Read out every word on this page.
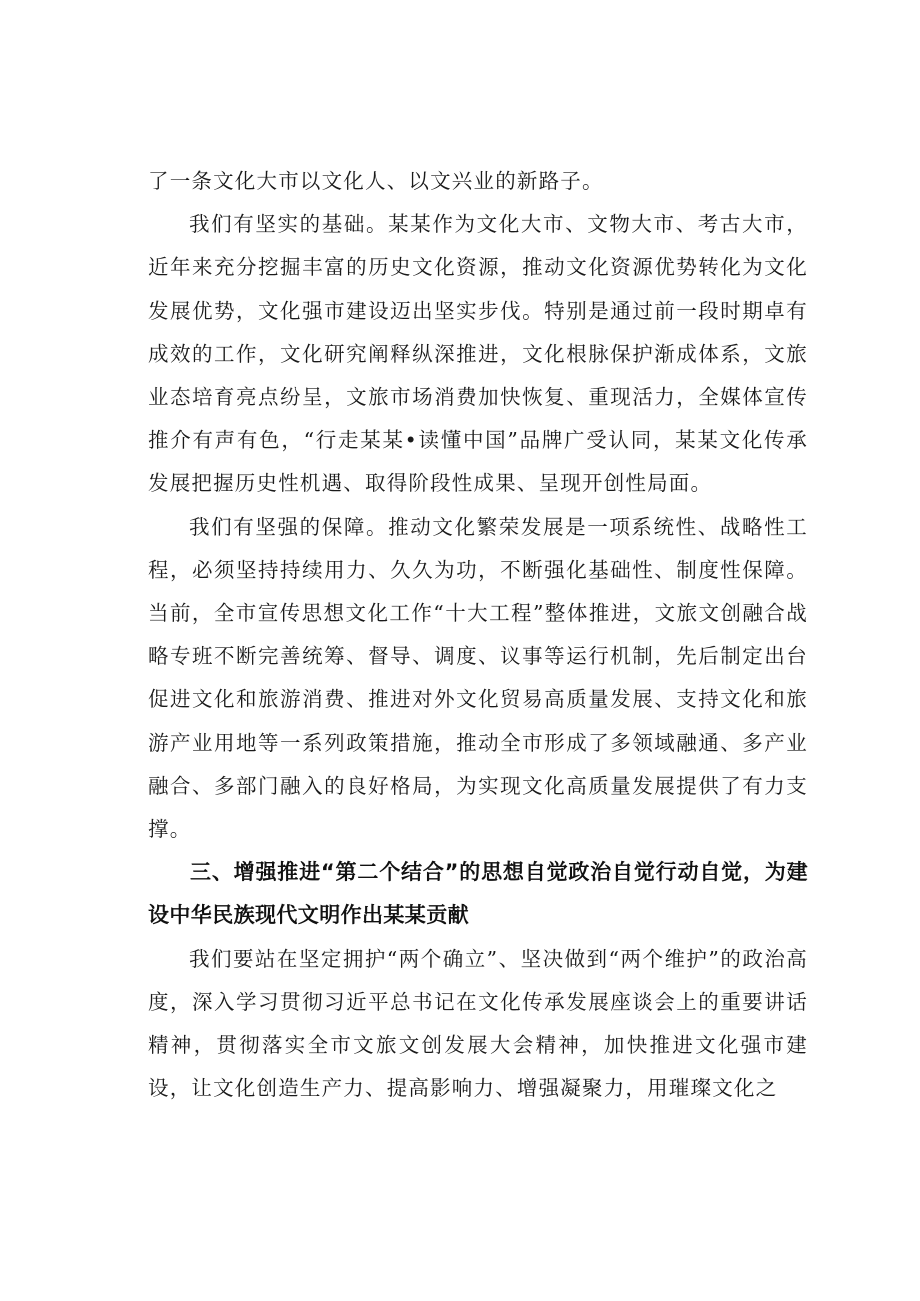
了一条文化大市以文化人、以文兴业的新路子。

我们有坚实的基础。某某作为文化大市、文物大市、考古大市，近年来充分挖掘丰富的历史文化资源，推动文化资源优势转化为文化发展优势，文化强市建设迈出坚实步伐。特别是通过前一段时期卓有成效的工作，文化研究阐释纵深推进，文化根脉保护渐成体系，文旅业态培育亮点纷呈，文旅市场消费加快恢复、重现活力，全媒体宣传推介有声有色，“行走某某•读懂中国”品牌广受认同，某某文化传承发展把握历史性机遇、取得阶段性成果、呈现开创性局面。

我们有坚强的保障。推动文化繁荣发展是一项系统性、战略性工程，必须坚持持续用力、久久为功，不断强化基础性、制度性保障。当前，全市宣传思想文化工作“十大工程”整体推进，文旅文创融合战略专班不断完善统筹、督导、调度、议事等运行机制，先后制定出台促进文化和旅游消费、推进对外文化贸易高质量发展、支持文化和旅游产业用地等一系列政策措施，推动全市形成了多领域融通、多产业融合、多部门融入的良好格局，为实现文化高质量发展提供了有力支撑。

三、增强推进“第二个结合”的思想自觉政治自觉行动自觉，为建设中华民族现代文明作出某某贡献

我们要站在坚定拥护“两个确立”、坚决做到“两个维护”的政治高度，深入学习贯彻习近平总书记在文化传承发展座谈会上的重要讲话精神，贯彻落实全市文旅文创发展大会精神，加快推进文化强市建设，让文化创造生产力、提高影响力、增强凝聚力，用璀璨文化之
